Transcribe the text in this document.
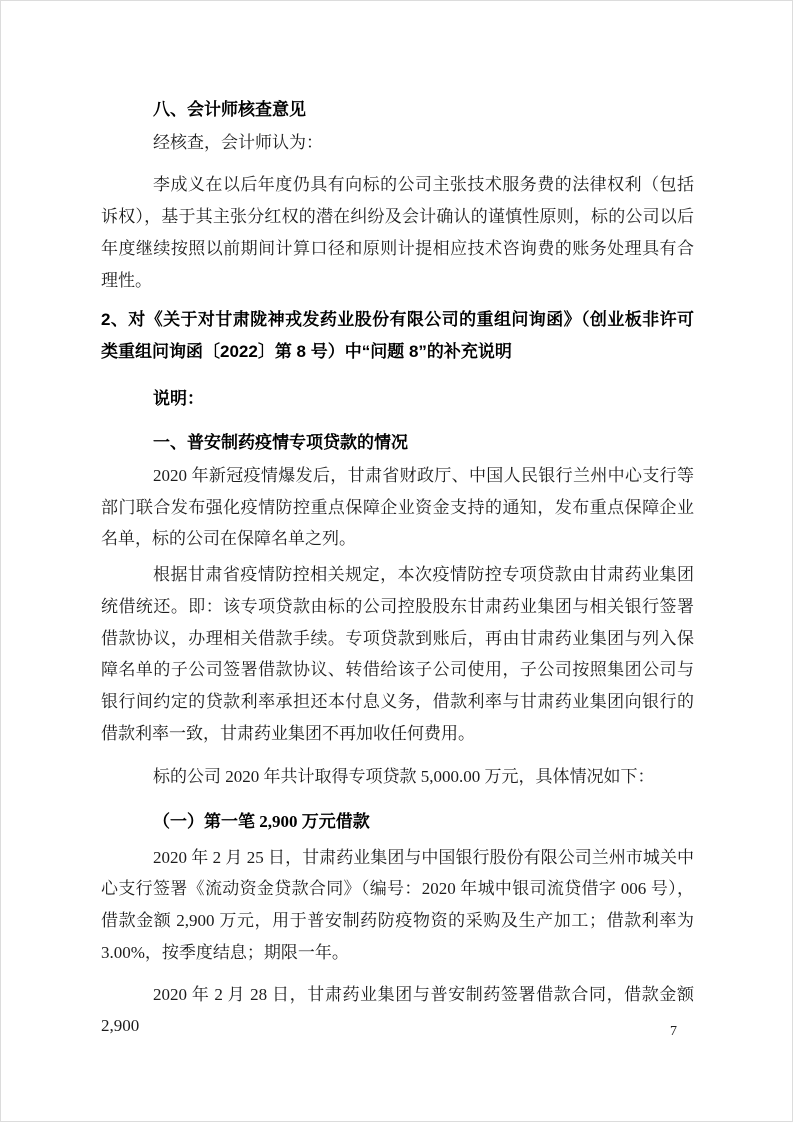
八、会计师核查意见

经核查，会计师认为：

李成义在以后年度仍具有向标的公司主张技术服务费的法律权利（包括诉权），基于其主张分红权的潜在纠纷及会计确认的谨慎性原则，标的公司以后年度继续按照以前期间计算口径和原则计提相应技术咨询费的账务处理具有合理性。

2、对《关于对甘肃陇神戎发药业股份有限公司的重组问询函》（创业板非许可类重组问询函〔2022〕第 8 号）中“问题 8”的补充说明

说明：

一、普安制药疫情专项贷款的情况

2020 年新冠疫情爆发后，甘肃省财政厅、中国人民银行兰州中心支行等部门联合发布强化疫情防控重点保障企业资金支持的通知，发布重点保障企业名单，标的公司在保障名单之列。

根据甘肃省疫情防控相关规定，本次疫情防控专项贷款由甘肃药业集团统借统还。即：该专项贷款由标的公司控股股东甘肃药业集团与相关银行签署借款协议，办理相关借款手续。专项贷款到账后，再由甘肃药业集团与列入保障名单的子公司签署借款协议、转借给该子公司使用，子公司按照集团公司与银行间约定的贷款利率承担还本付息义务，借款利率与甘肃药业集团向银行的借款利率一致，甘肃药业集团不再加收任何费用。

标的公司 2020 年共计取得专项贷款 5,000.00 万元，具体情况如下：

（一）第一笔 2,900 万元借款

2020 年 2 月 25 日，甘肃药业集团与中国银行股份有限公司兰州市城关中心支行签署《流动资金贷款合同》（编号：2020 年城中银司流贷借字 006 号），借款金额 2,900 万元，用于普安制药防疫物资的采购及生产加工；借款利率为 3.00%，按季度结息；期限一年。

2020 年 2 月 28 日，甘肃药业集团与普安制药签署借款合同，借款金额 2,900	7
